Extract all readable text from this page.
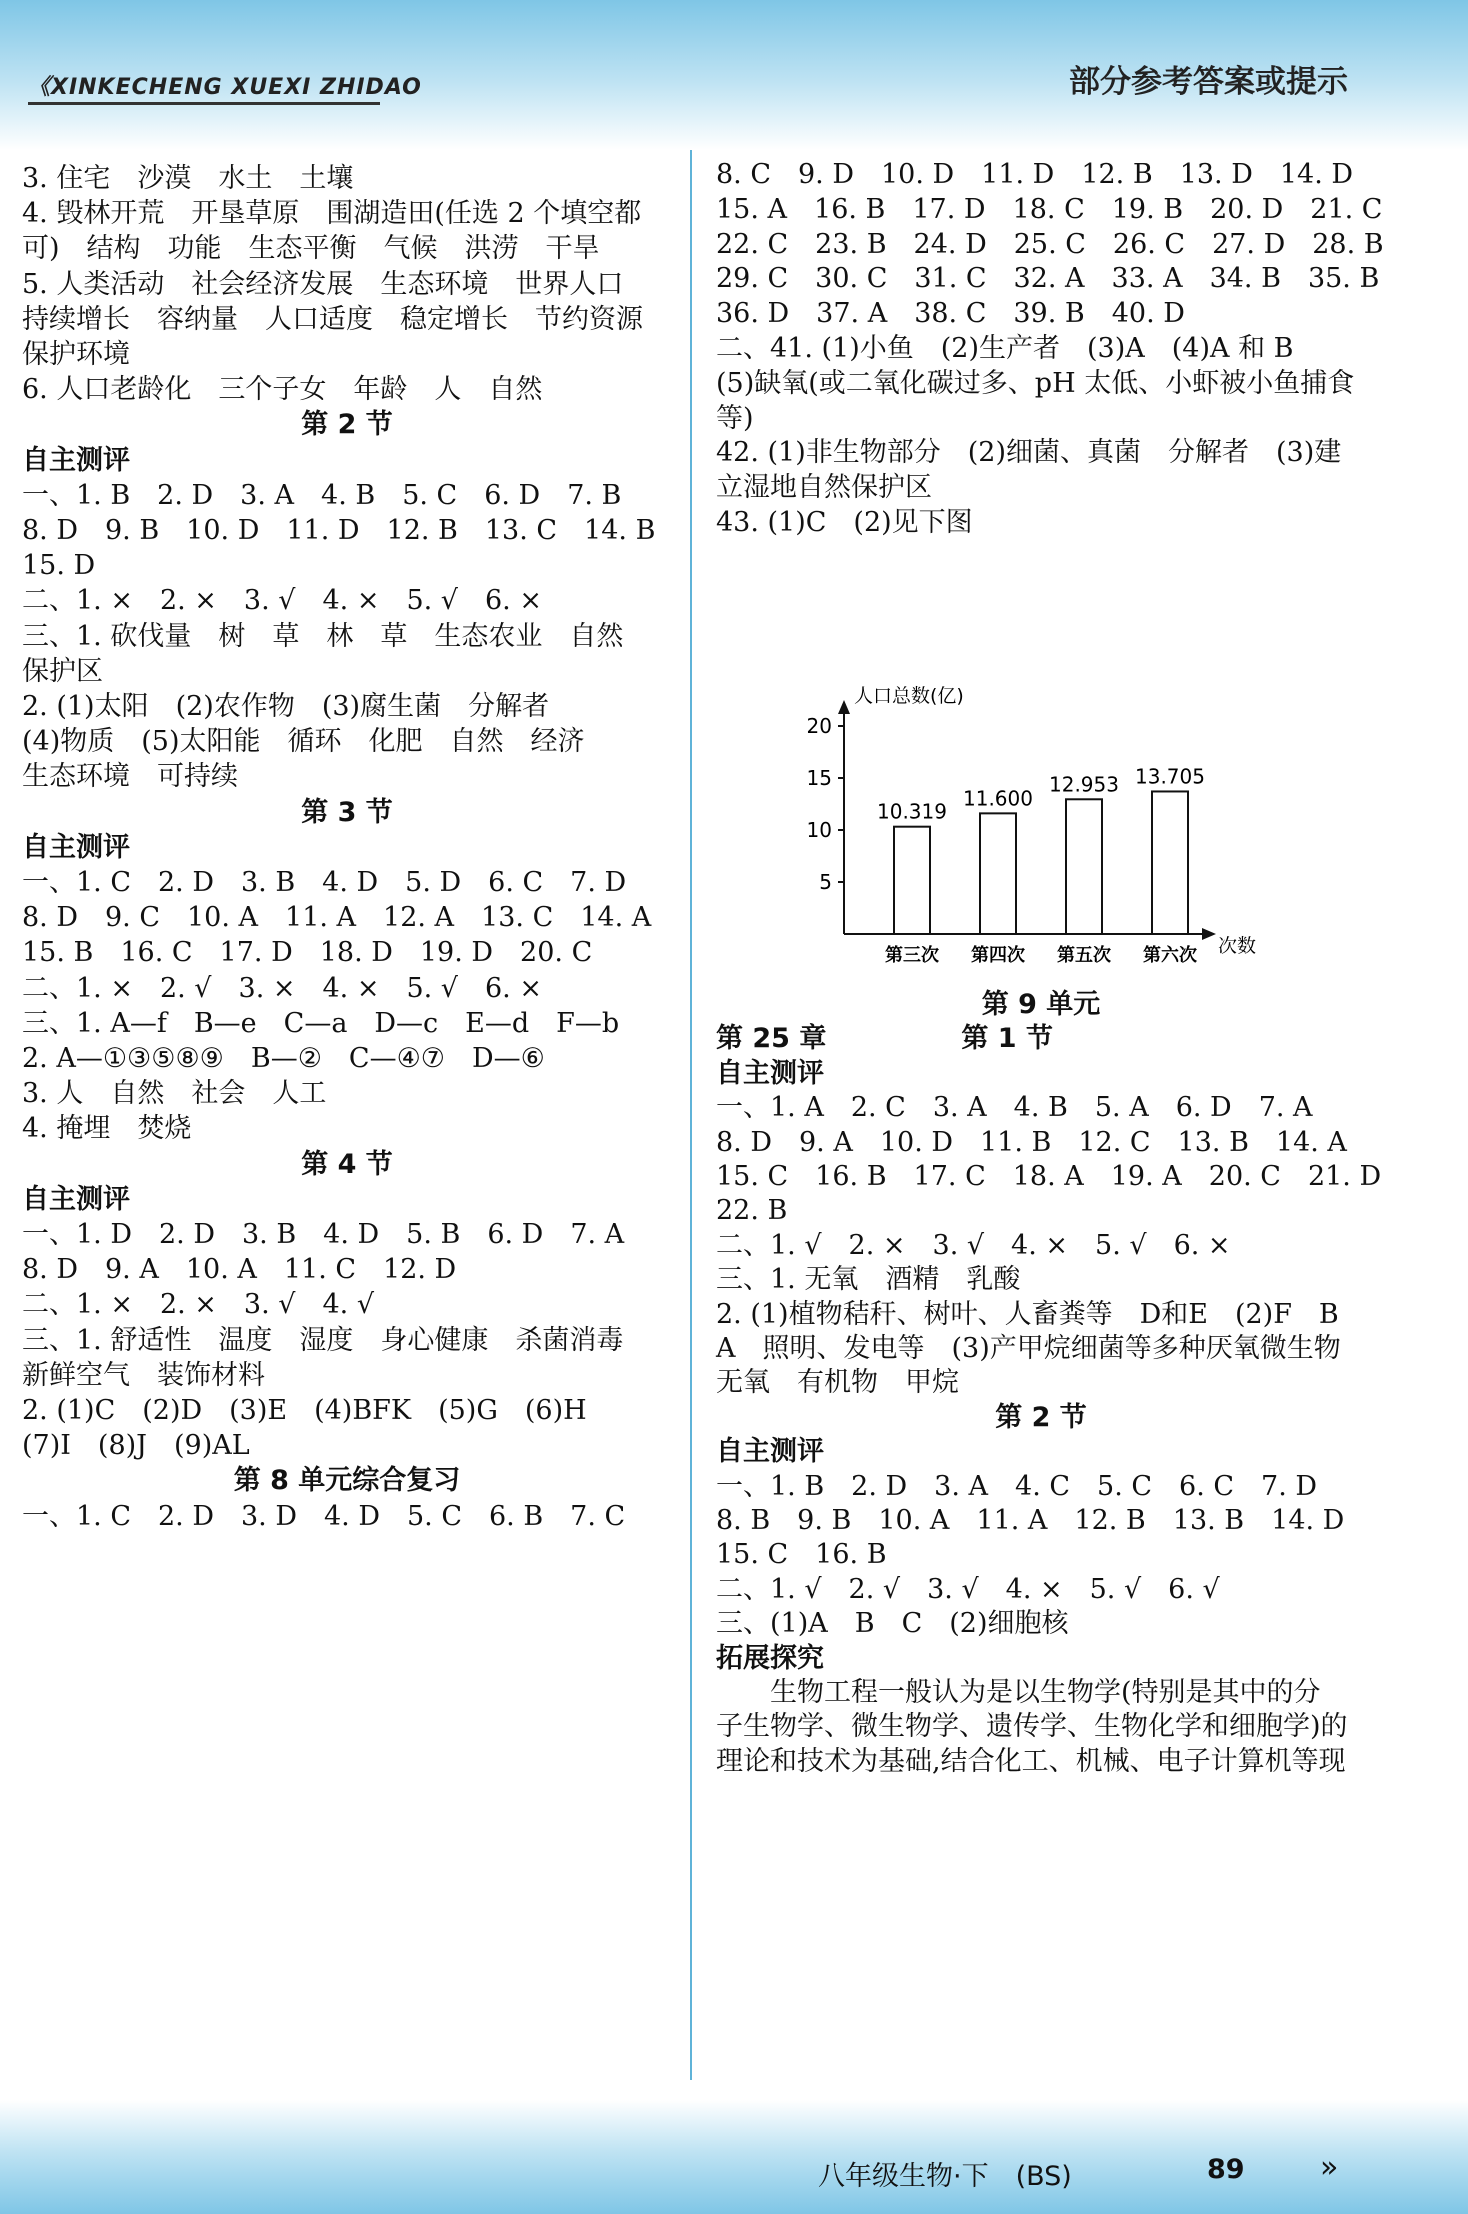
《XINKECHENG XUEXI ZHIDAO	部分参考答案或提示
3. 住宅　沙漠　水土　土壤
4. 毁林开荒　开垦草原　围湖造田(任选 2 个填空都
可)　结构　功能　生态平衡　气候　洪涝　干旱
5. 人类活动　社会经济发展　生态环境　世界人口
持续增长　容纳量　人口适度　稳定增长　节约资源
保护环境
6. 人口老龄化　三个子女　年龄　人　自然
第 2 节
自主测评
一、1. B　2. D　3. A　4. B　5. C　6. D　7. B
8. D　9. B　10. D　11. D　12. B　13. C　14. B
15. D
二、1. ×　2. ×　3. √　4. ×　5. √　6. ×
三、1. 砍伐量　树　草　林　草　生态农业　自然
保护区
2. (1)太阳　(2)农作物　(3)腐生菌　分解者
(4)物质　(5)太阳能　循环　化肥　自然　经济
生态环境　可持续
第 3 节
自主测评
一、1. C　2. D　3. B　4. D　5. D　6. C　7. D
8. D　9. C　10. A　11. A　12. A　13. C　14. A
15. B　16. C　17. D　18. D　19. D　20. C
二、1. ×　2. √　3. ×　4. ×　5. √　6. ×
三、1. A—f　B—e　C—a　D—c　E—d　F—b
2. A—①③⑤⑧⑨　B—②　C—④⑦　D—⑥
3. 人　自然　社会　人工
4. 掩埋　焚烧
第 4 节
自主测评
一、1. D　2. D　3. B　4. D　5. B　6. D　7. A
8. D　9. A　10. A　11. C　12. D
二、1. ×　2. ×　3. √　4. √
三、1. 舒适性　温度　湿度　身心健康　杀菌消毒
新鲜空气　装饰材料
2. (1)C　(2)D　(3)E　(4)BFK　(5)G　(6)H
(7)I　(8)J　(9)AL
第 8 单元综合复习
一、1. C　2. D　3. D　4. D　5. C　6. B　7. C
8. C　9. D　10. D　11. D　12. B　13. D　14. D
15. A　16. B　17. D　18. C　19. B　20. D　21. C
22. C　23. B　24. D　25. C　26. C　27. D　28. B
29. C　30. C　31. C　32. A　33. A　34. B　35. B
36. D　37. A　38. C　39. B　40. D
二、41. (1)小鱼　(2)生产者　(3)A　(4)A 和 B
(5)缺氧(或二氧化碳过多、pH 太低、小虾被小鱼捕食
等)
42. (1)非生物部分　(2)细菌、真菌　分解者　(3)建
立湿地自然保护区
43. (1)C　(2)见下图
人口总数(亿)
次数
5
10
15
20
10.319
第三次
11.600
第四次
12.953
第五次
13.705
第六次
第 9 单元
第 25 章　　　　　第 1 节
自主测评
一、1. A　2. C　3. A　4. B　5. A　6. D　7. A
8. D　9. A　10. D　11. B　12. C　13. B　14. A
15. C　16. B　17. C　18. A　19. A　20. C　21. D
22. B
二、1. √　2. ×　3. √　4. ×　5. √　6. ×
三、1. 无氧　酒精　乳酸
2. (1)植物秸秆、树叶、人畜粪等　D和E　(2)F　B
A　照明、发电等　(3)产甲烷细菌等多种厌氧微生物
无氧　有机物　甲烷
第 2 节
自主测评
一、1. B　2. D　3. A　4. C　5. C　6. C　7. D
8. B　9. B　10. A　11. A　12. B　13. B　14. D
15. C　16. B
二、1. √　2. √　3. √　4. ×　5. √　6. √
三、(1)A　B　C　(2)细胞核
拓展探究
　　生物工程一般认为是以生物学(特别是其中的分
子生物学、微生物学、遗传学、生物化学和细胞学)的
理论和技术为基础,结合化工、机械、电子计算机等现
八年级生物·下　(BS)	89	»
